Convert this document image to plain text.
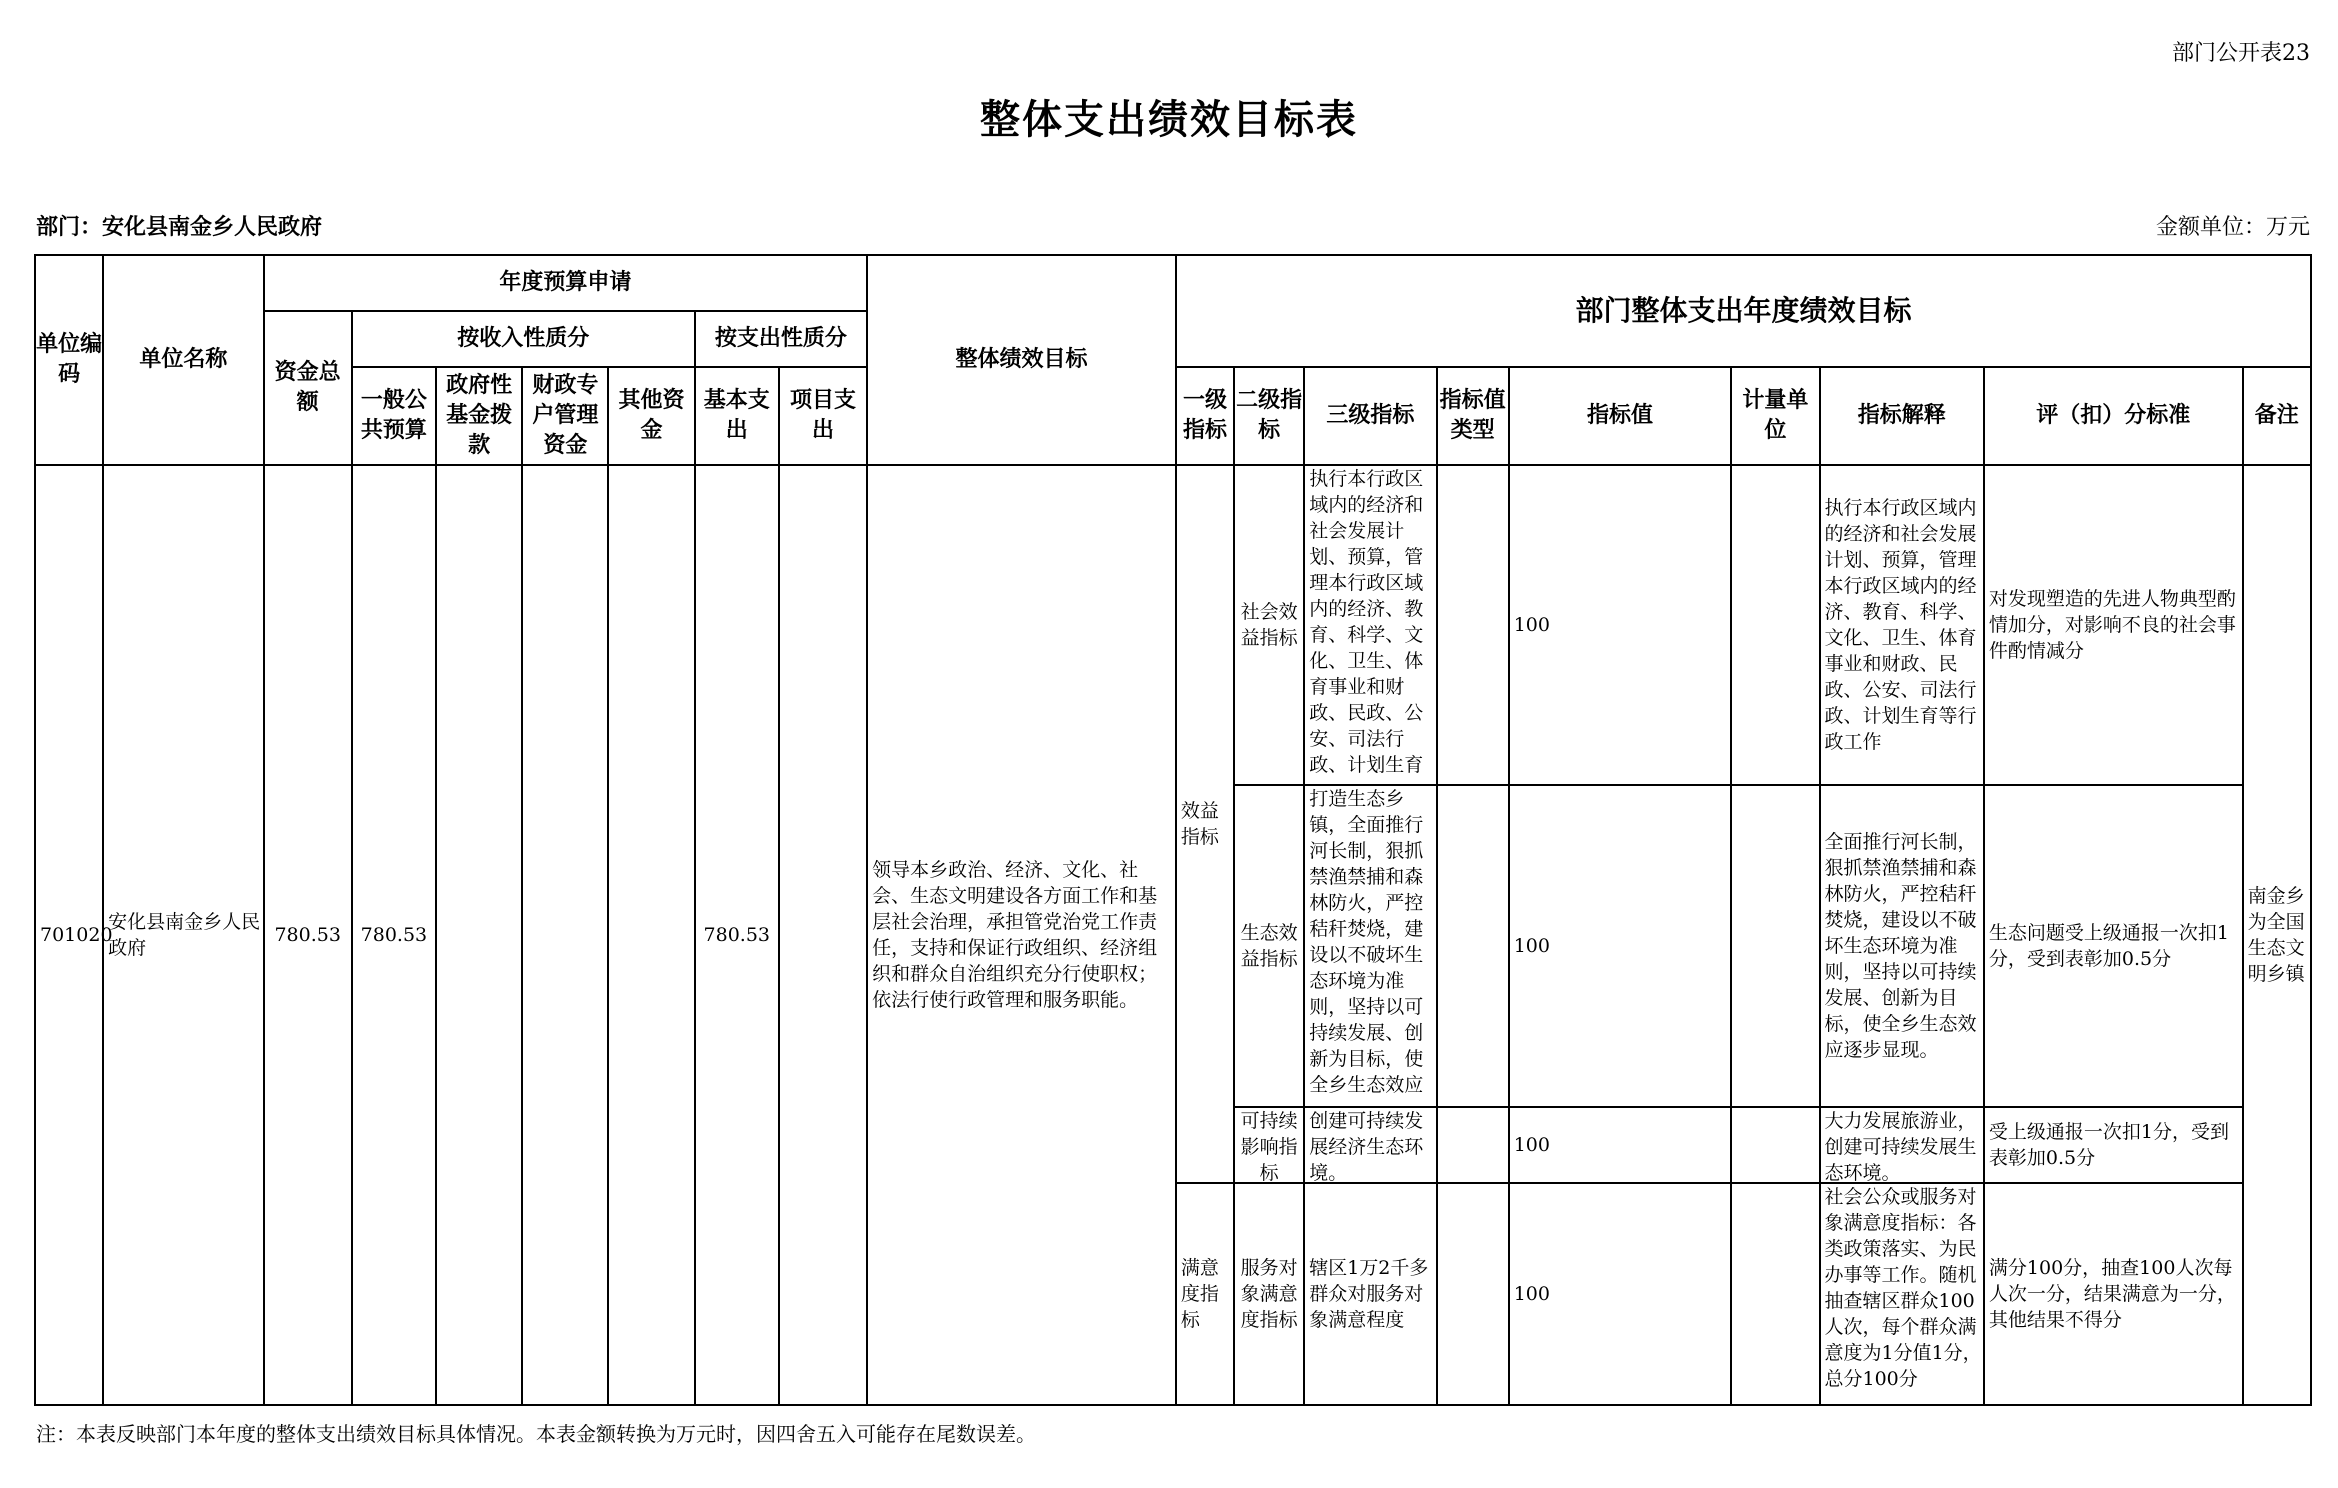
部门公开表23
整体支出绩效目标表
部门：安化县南金乡人民政府	金额单位：万元
单位编码	单位名称	年度预算申请							整体绩效目标	部门整体支出年度绩效目标								
		资金总额	按收入性质分				按支出性质分											
			一般公共预算	政府性基金拨款	财政专户管理资金	其他资金	基本支出	项目支出		一级指标	二级指标	三级指标	指标值类型	指标值	计量单位	指标解释	评（扣）分标准	备注
701020	安化县南金乡人民政府	780.53	780.53				780.53		领导本乡政治、经济、文化、社会、生态文明建设各方面工作和基层社会治理，承担管党治党工作责任，支持和保证行政组织、经济组织和群众自治组织充分行使职权；依法行使行政管理和服务职能。	效益指标	社会效益指标	执行本行政区域内的经济和社会发展计划、预算，管理本行政区域内的经济、教育、科学、文化、卫生、体育事业和财政、民政、公安、司法行政、计划生育		100		执行本行政区域内的经济和社会发展计划、预算，管理本行政区域内的经济、教育、科学、文化、卫生、体育事业和财政、民政、公安、司法行政、计划生育等行政工作	对发现塑造的先进人物典型酌情加分，对影响不良的社会事件酌情减分	南金乡为全国生态文明乡镇
											生态效益指标	打造生态乡镇，全面推行河长制，狠抓禁渔禁捕和森林防火，严控秸秆焚烧，建设以不破坏生态环境为准则，坚持以可持续发展、创新为目标，使全乡生态效应		100		全面推行河长制，狠抓禁渔禁捕和森林防火，严控秸秆焚烧，建设以不破坏生态环境为准则，坚持以可持续发展、创新为目标，使全乡生态效应逐步显现。	生态问题受上级通报一次扣1分，受到表彰加0.5分	

											可持续影响指标	创建可持续发展经济生态环境。		100		大力发展旅游业，创建可持续发展生态环境。	受上级通报一次扣1分，受到表彰加0.5分	
										满意度指标	服务对象满意度指标	辖区1万2千多群众对服务对象满意程度		100		社会公众或服务对象满意度指标：各类政策落实、为民办事等工作。随机抽查辖区群众100人次，每个群众满意度为1分值1分，总分100分	满分100分，抽查100人次每人次一分，结果满意为一分，其他结果不得分	
注：本表反映部门本年度的整体支出绩效目标具体情况。本表金额转换为万元时，因四舍五入可能存在尾数误差。
